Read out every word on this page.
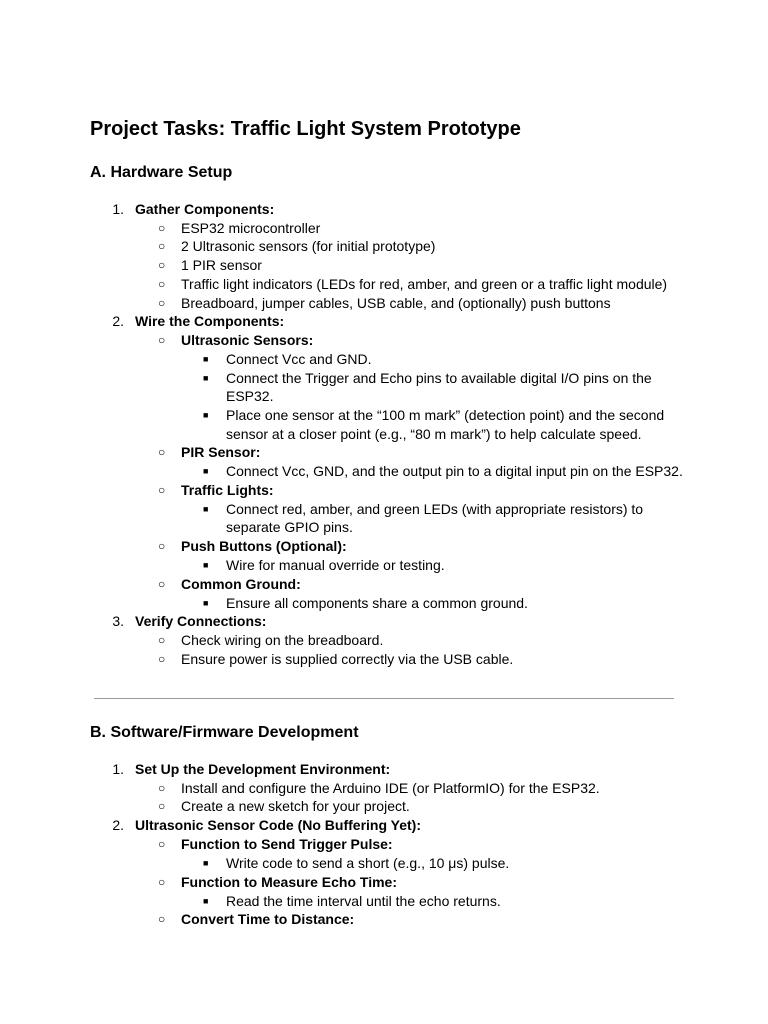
Project Tasks: Traffic Light System Prototype
A. Hardware Setup
1. Gather Components:
○ ESP32 microcontroller
○ 2 Ultrasonic sensors (for initial prototype)
○ 1 PIR sensor
○ Traffic light indicators (LEDs for red, amber, and green or a traffic light module)
○ Breadboard, jumper cables, USB cable, and (optionally) push buttons
2. Wire the Components:
○ Ultrasonic Sensors:
■ Connect Vcc and GND.
■ Connect the Trigger and Echo pins to available digital I/O pins on the
ESP32.
■ Place one sensor at the “100 m mark” (detection point) and the second
sensor at a closer point (e.g., “80 m mark”) to help calculate speed.
○ PIR Sensor:
■ Connect Vcc, GND, and the output pin to a digital input pin on the ESP32.
○ Traffic Lights:
■ Connect red, amber, and green LEDs (with appropriate resistors) to
separate GPIO pins.
○ Push Buttons (Optional):
■ Wire for manual override or testing.
○ Common Ground:
■ Ensure all components share a common ground.
3. Verify Connections:
○ Check wiring on the breadboard.
○ Ensure power is supplied correctly via the USB cable.
B. Software/Firmware Development
1. Set Up the Development Environment:
○ Install and configure the Arduino IDE (or PlatformIO) for the ESP32.
○ Create a new sketch for your project.
2. Ultrasonic Sensor Code (No Buffering Yet):
○ Function to Send Trigger Pulse:
■ Write code to send a short (e.g., 10 μs) pulse.
○ Function to Measure Echo Time:
■ Read the time interval until the echo returns.
○ Convert Time to Distance:
